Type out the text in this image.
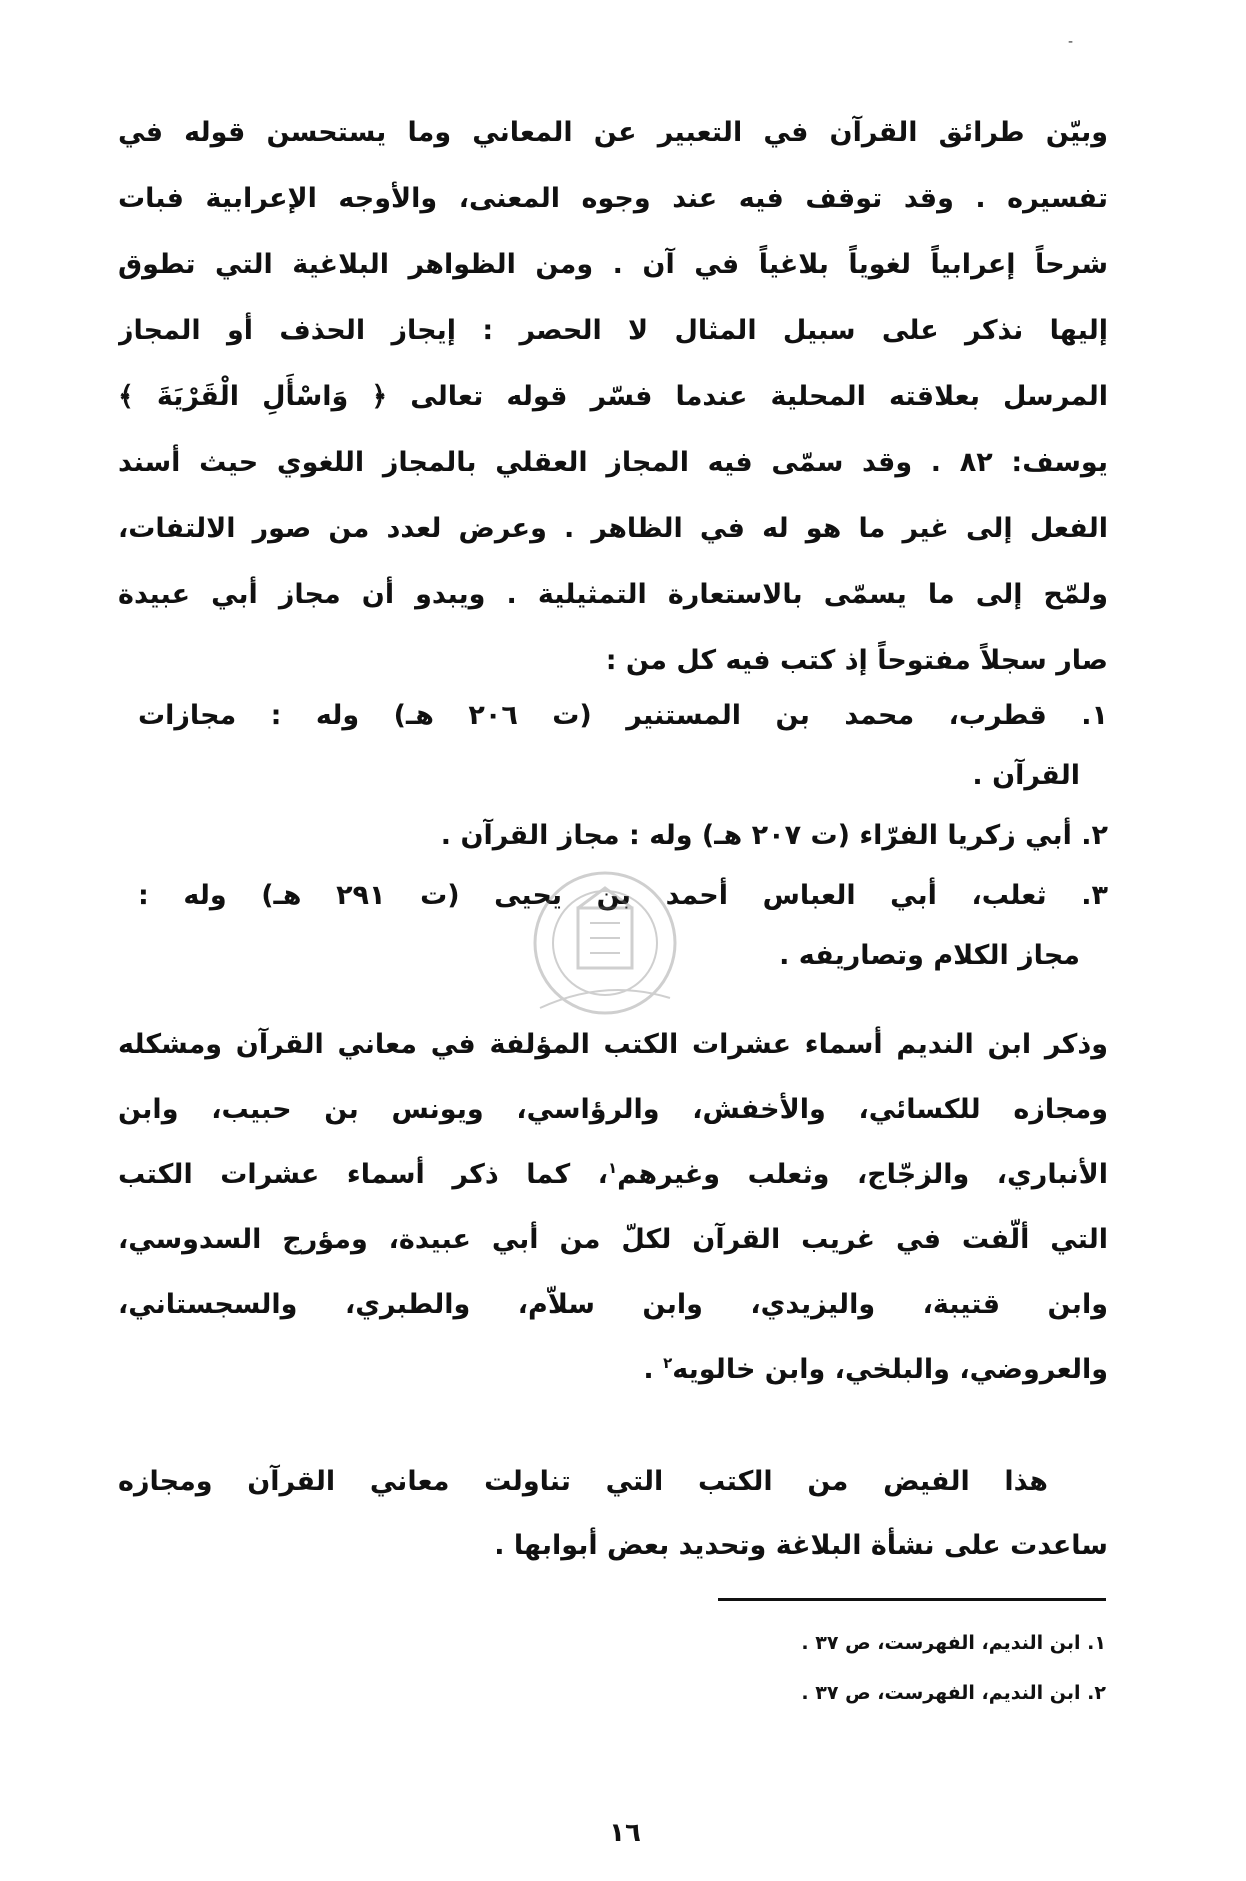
-
وبيّن طرائق القرآن في التعبير عن المعاني وما يستحسن قوله في
تفسيره . وقد توقف فيه عند وجوه المعنى، والأوجه الإعرابية فبات
شرحاً إعرابياً لغوياً بلاغياً في آن . ومن الظواهر البلاغية التي تطوق
إليها نذكر على سبيل المثال لا الحصر : إيجاز الحذف أو المجاز
المرسل بعلاقته المحلية عندما فسّر قوله تعالى ﴿ وَاسْأَلِ الْقَرْيَةَ ﴾
يوسف: ٨٢ . وقد سمّى فيه المجاز العقلي بالمجاز اللغوي حيث أسند
الفعل إلى غير ما هو له في الظاهر . وعرض لعدد من صور الالتفات،
ولمّح إلى ما يسمّى بالاستعارة التمثيلية . ويبدو أن مجاز أبي عبيدة
صار سجلاً مفتوحاً إذ كتب فيه كل من :
١. قطرب، محمد بن المستنير (ت ٢٠٦ هـ) وله : مجازات
القرآن .
٢. أبي زكريا الفرّاء (ت ٢٠٧ هـ) وله : مجاز القرآن .
٣. ثعلب، أبي العباس أحمد بن يحيى (ت ٢٩١ هـ) وله :
مجاز الكلام وتصاريفه .
وذكر ابن النديم أسماء عشرات الكتب المؤلفة في معاني القرآن ومشكله
ومجازه للكسائي، والأخفش، والرؤاسي، ويونس بن حبيب، وابن
الأنباري، والزجّاج، وثعلب وغيرهم$^١$، كما ذكر أسماء عشرات الكتب
التي ألّفت في غريب القرآن لكلّ من أبي عبيدة، ومؤرج السدوسي،
وابن قتيبة، واليزيدي، وابن سلاّم، والطبري، والسجستاني،
والعروضي، والبلخي، وابن خالويه$^٢$ .
هذا الفيض من الكتب التي تناولت معاني القرآن ومجازه
ساعدت على نشأة البلاغة وتحديد بعض أبوابها .
١. ابن النديم، الفهرست، ص ٣٧ .
٢. ابن النديم، الفهرست، ص ٣٧ .
١٦
